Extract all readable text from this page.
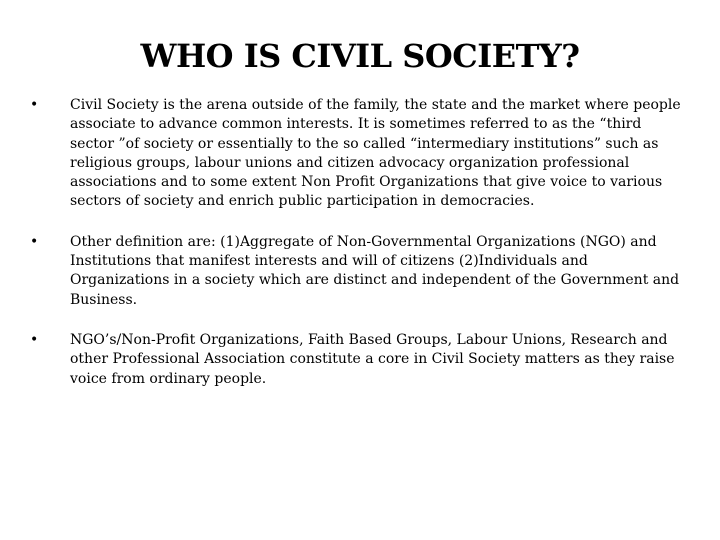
WHO IS CIVIL SOCIETY?
• Civil Society is the arena outside of the family, the state and the market where people associate to advance common interests. It is sometimes referred to as the “third sector ”of society or essentially to the so called “intermediary institutions” such as religious groups, labour unions and citizen advocacy organization professional associations and to some extent Non Profit Organizations that give voice to various sectors of society and enrich public participation in democracies.
• Other definition are: (1)Aggregate of Non-Governmental Organizations (NGO) and Institutions that manifest interests and will of citizens (2)Individuals and Organizations in a society which are distinct and independent of the Government and Business.
• NGO’s/Non-Profit Organizations, Faith Based Groups, Labour Unions, Research and other Professional Association constitute a core in Civil Society matters as they raise voice from ordinary people.
